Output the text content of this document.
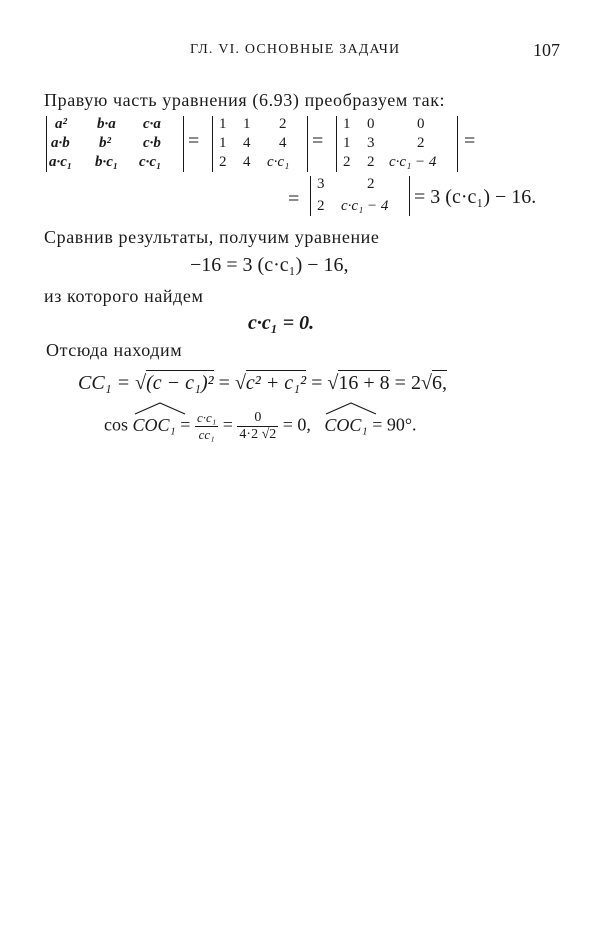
ГЛ. VI. ОСНОВНЫЕ ЗАДАЧИ	107
Правую часть уравнения (6.93) преобразуем так:
a² b·a c·a
a·b b² c·b
a·c₁ b·c₁ c·c₁
=
1 1 2
1 4 4
2 4 c·c₁
=
1 0	0
1 3	2
2 2 c·c₁ − 4
=
=
3	2
2 c·c₁ − 4 = 3 (c·c₁) − 16.
Сравнив результаты, получим уравнение
−16 = 3 (c·c₁) − 16,
из которого найдем
c·c₁ = 0.
Отсюда находим
CC₁ = √(c − c₁)² = √c² + c₁² = √16 + 8 = 2√6,
$\cos COC_1 = \frac{\text{c·c₁}}{\text{cc₁}} = \frac{0}{4\cdot 2 √2} = 0$, COC₁ = 90°.
